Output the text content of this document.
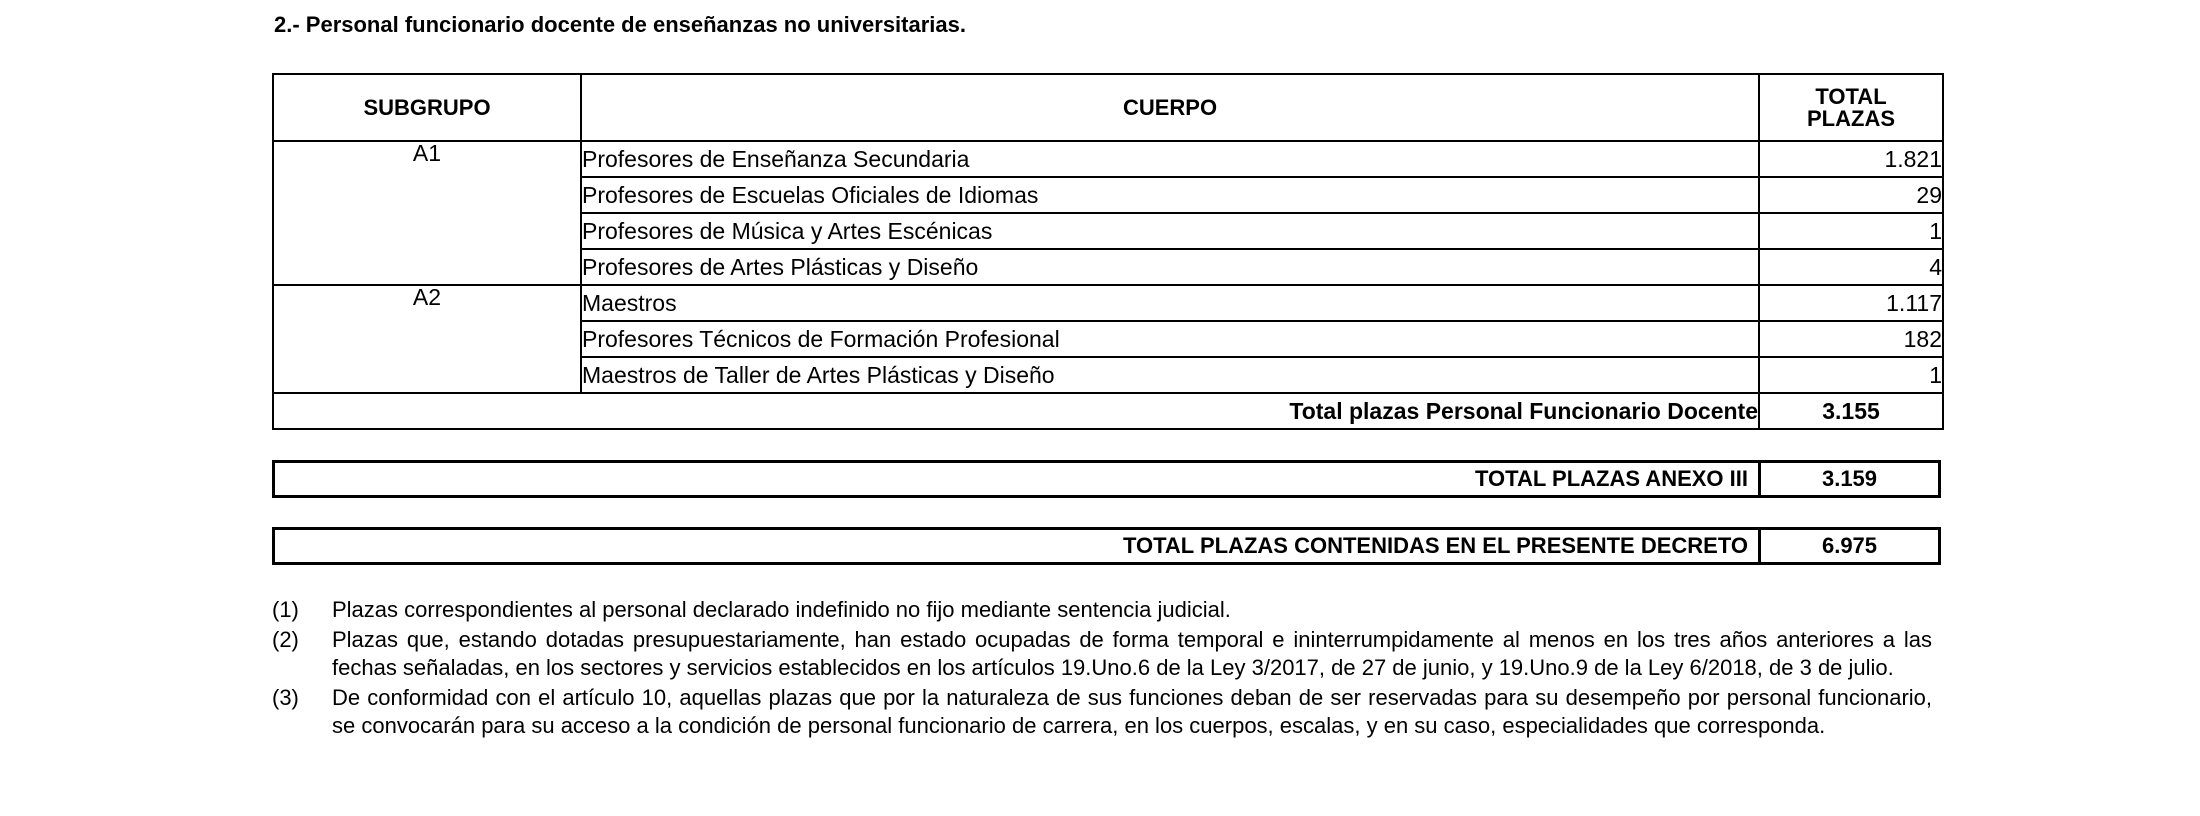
2.- Personal funcionario docente de enseñanzas no universitarias.
SUBGRUPO	CUERPO	TOTAL
PLAZAS

A1	Profesores de Enseñanza Secundaria	1.821
	Profesores de Escuelas Oficiales de Idiomas	29
	Profesores de Música y Artes Escénicas	1
	Profesores de Artes Plásticas y Diseño	4
A2	Maestros	1.117
	Profesores Técnicos de Formación Profesional	182
	Maestros de Taller de Artes Plásticas y Diseño	1
Total plazas Personal Funcionario Docente		3.155
TOTAL PLAZAS ANEXO III	3.159
TOTAL PLAZAS CONTENIDAS EN EL PRESENTE DECRETO	6.975
(1)	Plazas correspondientes al personal declarado indefinido no fijo mediante sentencia judicial.
(2)	Plazas que, estando dotadas presupuestariamente, han estado ocupadas de forma temporal e ininterrumpidamente al menos en los tres años anteriores a las fechas señaladas, en los sectores y servicios establecidos en los artículos 19.Uno.6 de la Ley 3/2017, de 27 de junio, y 19.Uno.9 de la Ley 6/2018, de 3 de julio.
(3)	De conformidad con el artículo 10, aquellas plazas que por la naturaleza de sus funciones deban de ser reservadas para su desempeño por personal funcionario, se convocarán para su acceso a la condición de personal funcionario de carrera, en los cuerpos, escalas, y en su caso, especialidades que corresponda.
